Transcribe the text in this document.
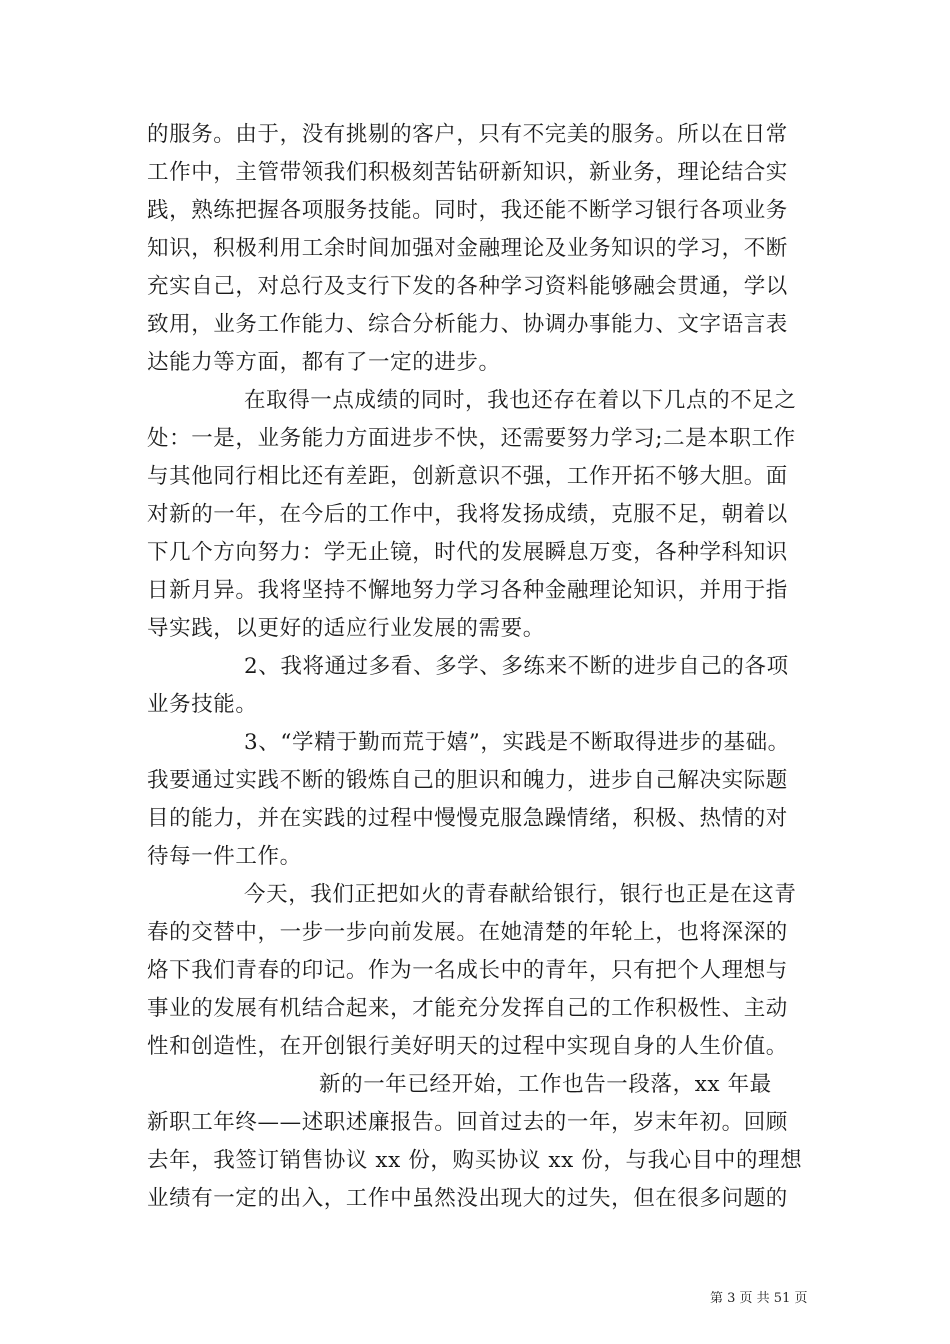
的服务。由于，没有挑剔的客户，只有不完美的服务。所以在日常
工作中，主管带领我们积极刻苦钻研新知识，新业务，理论结合实
践，熟练把握各项服务技能。同时，我还能不断学习银行各项业务
知识，积极利用工余时间加强对金融理论及业务知识的学习，不断
充实自己，对总行及支行下发的各种学习资料能够融会贯通，学以
致用，业务工作能力、综合分析能力、协调办事能力、文字语言表
达能力等方面，都有了一定的进步。
在取得一点成绩的同时，我也还存在着以下几点的不足之
处：一是，业务能力方面进步不快，还需要努力学习;二是本职工作
与其他同行相比还有差距，创新意识不强，工作开拓不够大胆。面
对新的一年，在今后的工作中，我将发扬成绩，克服不足，朝着以
下几个方向努力：学无止镜，时代的发展瞬息万变，各种学科知识
日新月异。我将坚持不懈地努力学习各种金融理论知识，并用于指
导实践，以更好的适应行业发展的需要。
2、我将通过多看、多学、多练来不断的进步自己的各项
业务技能。
3、“学精于勤而荒于嬉”，实践是不断取得进步的基础。
我要通过实践不断的锻炼自己的胆识和魄力，进步自己解决实际题
目的能力，并在实践的过程中慢慢克服急躁情绪，积极、热情的对
待每一件工作。
今天，我们正把如火的青春献给银行，银行也正是在这青
春的交替中，一步一步向前发展。在她清楚的年轮上，也将深深的
烙下我们青春的印记。作为一名成长中的青年，只有把个人理想与
事业的发展有机结合起来，才能充分发挥自己的工作积极性、主动
性和创造性，在开创银行美好明天的过程中实现自身的人生价值。
新的一年已经开始，工作也告一段落，xx 年最
新职工年终——述职述廉报告。回首过去的一年，岁末年初。回顾
去年，我签订销售协议 xx 份，购买协议 xx 份，与我心目中的理想
业绩有一定的出入，工作中虽然没出现大的过失，但在很多问题的
第 3 页 共 51 页
